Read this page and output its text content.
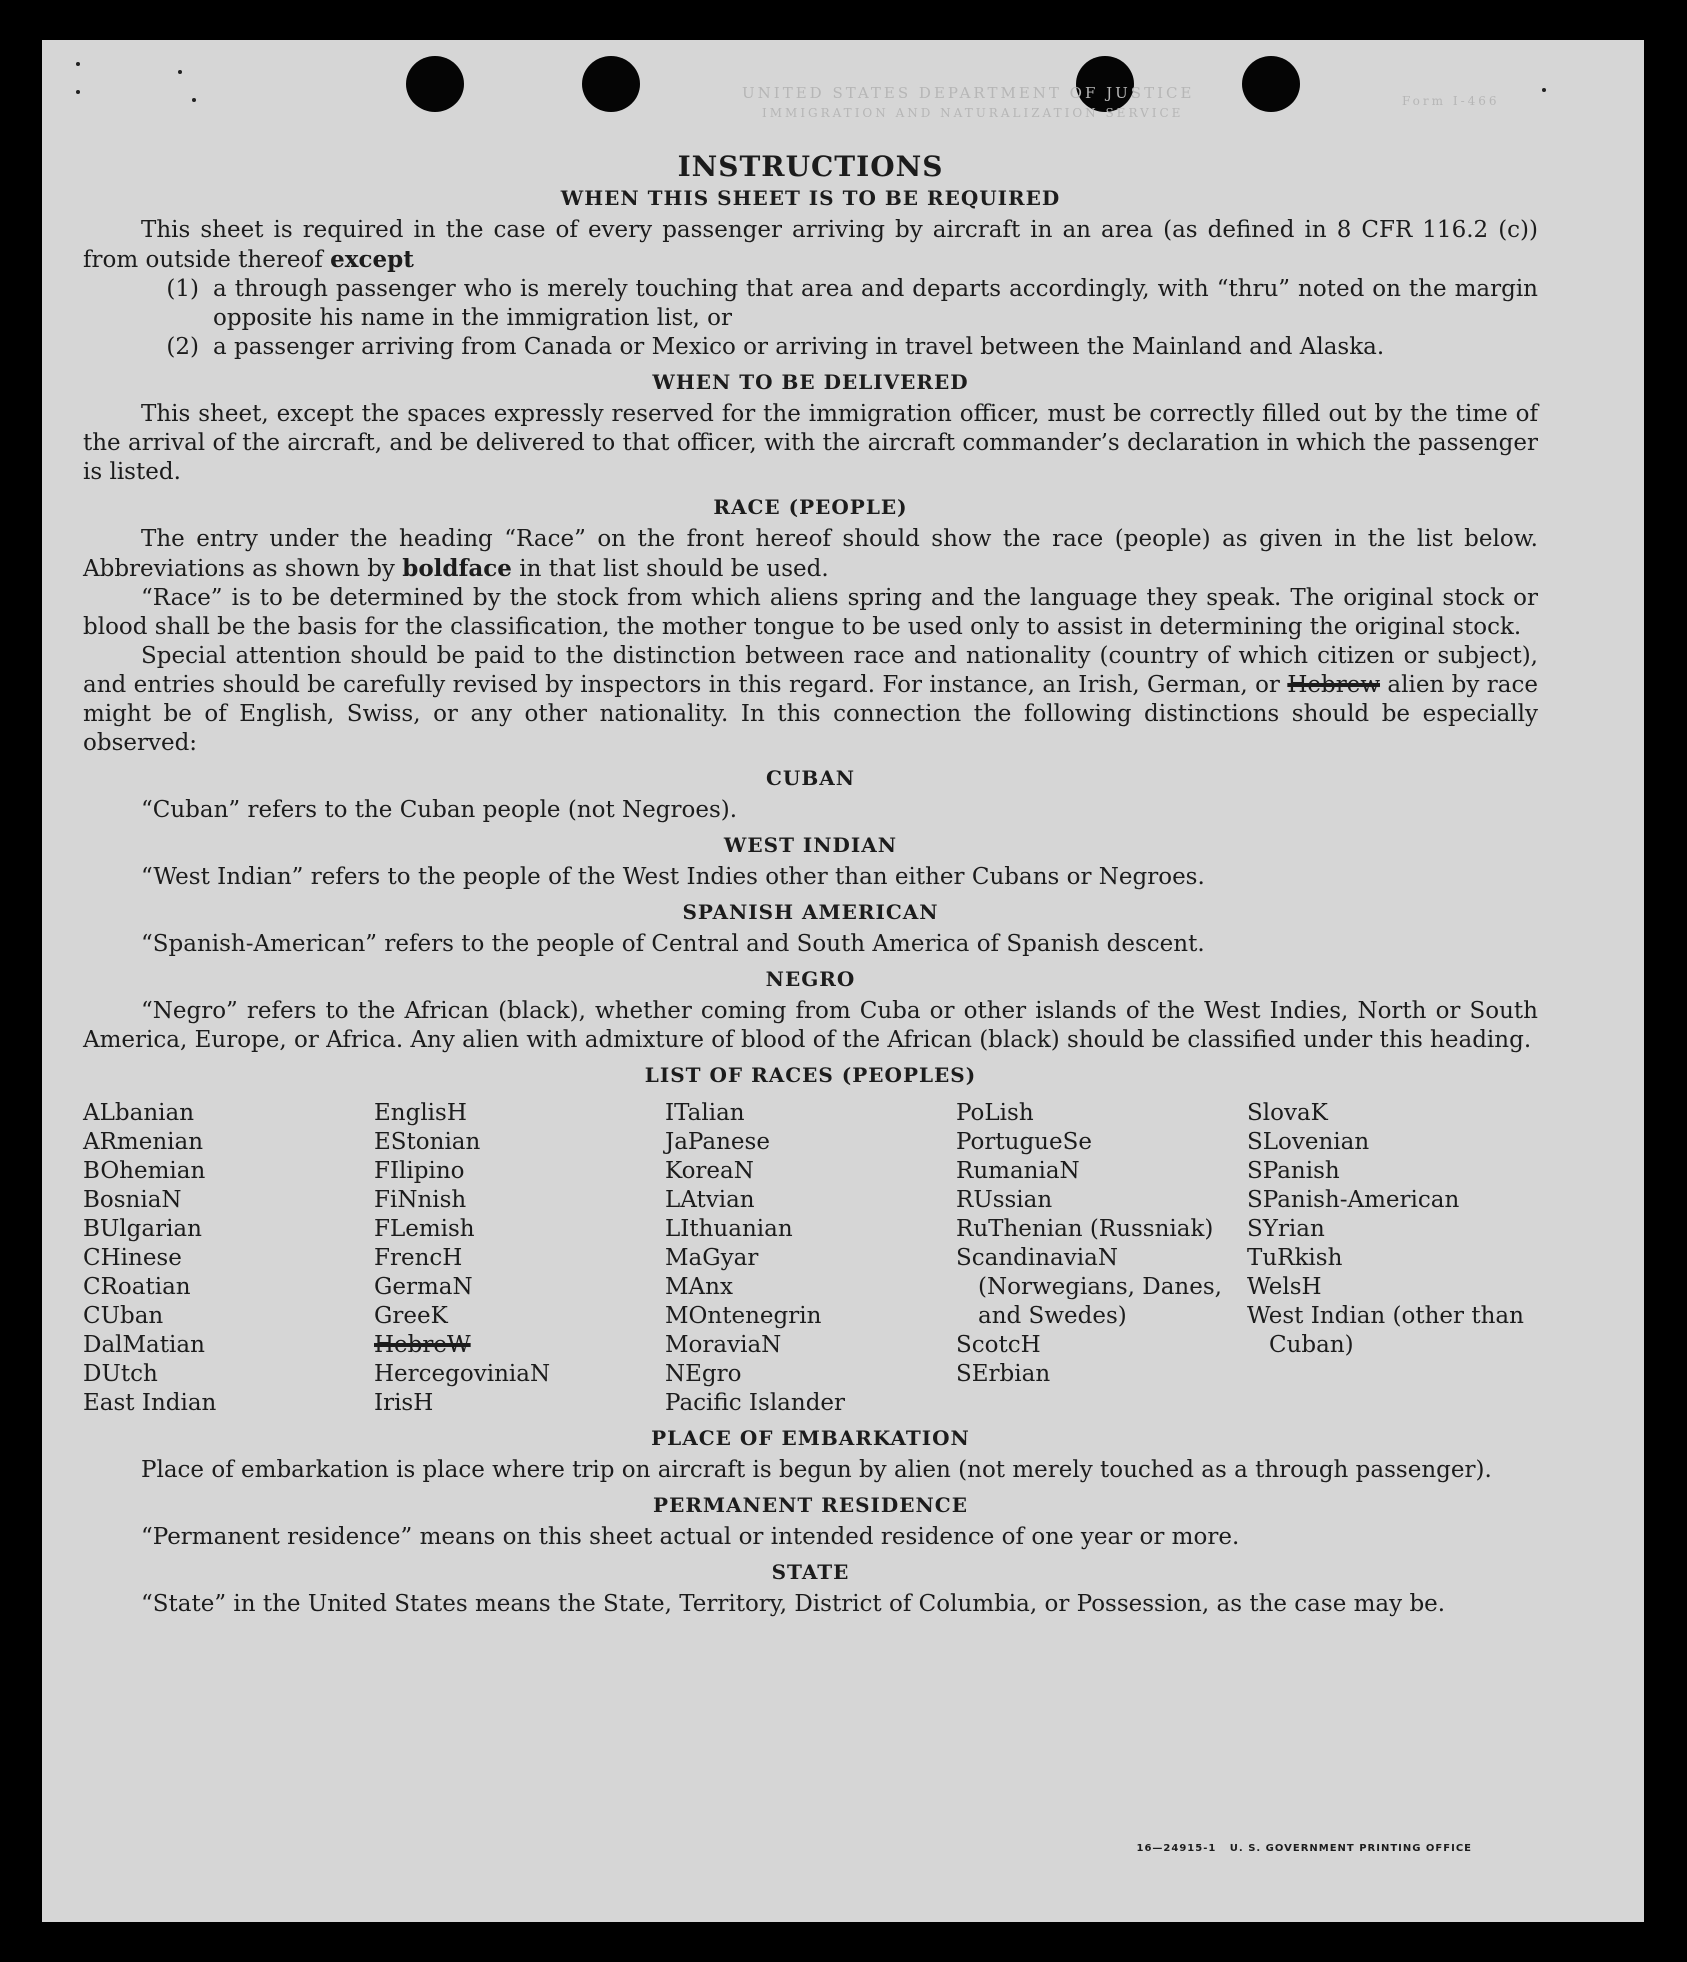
UNITED STATES DEPARTMENT OF JUSTICE
IMMIGRATION AND NATURALIZATION SERVICE
Form I-466
INSTRUCTIONS
WHEN THIS SHEET IS TO BE REQUIRED
This sheet is required in the case of every passenger arriving by aircraft in an area (as defined in 8 CFR 116.2 (c)) from outside thereof except
(1) a through passenger who is merely touching that area and departs accordingly, with “thru” noted on the margin opposite his name in the immigration list, or
(2) a passenger arriving from Canada or Mexico or arriving in travel between the Mainland and Alaska.
WHEN TO BE DELIVERED
This sheet, except the spaces expressly reserved for the immigration officer, must be correctly filled out by the time of the arrival of the aircraft, and be delivered to that officer, with the aircraft commander’s declaration in which the passenger is listed.
RACE (PEOPLE)
The entry under the heading “Race” on the front hereof should show the race (people) as given in the list below. Abbreviations as shown by boldface in that list should be used.
“Race” is to be determined by the stock from which aliens spring and the language they speak. The original stock or blood shall be the basis for the classification, the mother tongue to be used only to assist in determining the original stock.
Special attention should be paid to the distinction between race and nationality (country of which citizen or subject), and entries should be carefully revised by inspectors in this regard. For instance, an Irish, German, or Hebrew alien by race might be of English, Swiss, or any other nationality. In this connection the following distinctions should be especially observed:
CUBAN
“Cuban” refers to the Cuban people (not Negroes).
WEST INDIAN
“West Indian” refers to the people of the West Indies other than either Cubans or Negroes.
SPANISH AMERICAN
“Spanish-American” refers to the people of Central and South America of Spanish descent.
NEGRO
“Negro” refers to the African (black), whether coming from Cuba or other islands of the West Indies, North or South America, Europe, or Africa. Any alien with admixture of blood of the African (black) should be classified under this heading.
LIST OF RACES (PEOPLES)
ALbanian
ARmenian
BOhemian
BosniaN
BUlgarian
CHinese
CRoatian
CUban
DalMatian
DUtch
East Indian
EnglisH
EStonian
FIlipino
FiNnish
FLemish
FrencH
GermaN
GreeK
HebreW
HercegoviniaN
IrisH
ITalian
JaPanese
KoreaN
LAtvian
LIthuanian
MaGyar
MAnx
MOntenegrin
MoraviaN
NEgro
Pacific Islander
PoLish
PortugueSe
RumaniaN
RUssian
RuThenian (Russniak)
ScandinaviaN (Norwegians, Danes, and Swedes)
ScotcH
SErbian
SlovaK
SLovenian
SPanish
SPanish-American
SYrian
TuRkish
WelsH
West Indian (other than Cuban)
PLACE OF EMBARKATION
Place of embarkation is place where trip on aircraft is begun by alien (not merely touched as a through passenger).
PERMANENT RESIDENCE
“Permanent residence” means on this sheet actual or intended residence of one year or more.
STATE
“State” in the United States means the State, Territory, District of Columbia, or Possession, as the case may be.
16—24915-1 U. S. GOVERNMENT PRINTING OFFICE
